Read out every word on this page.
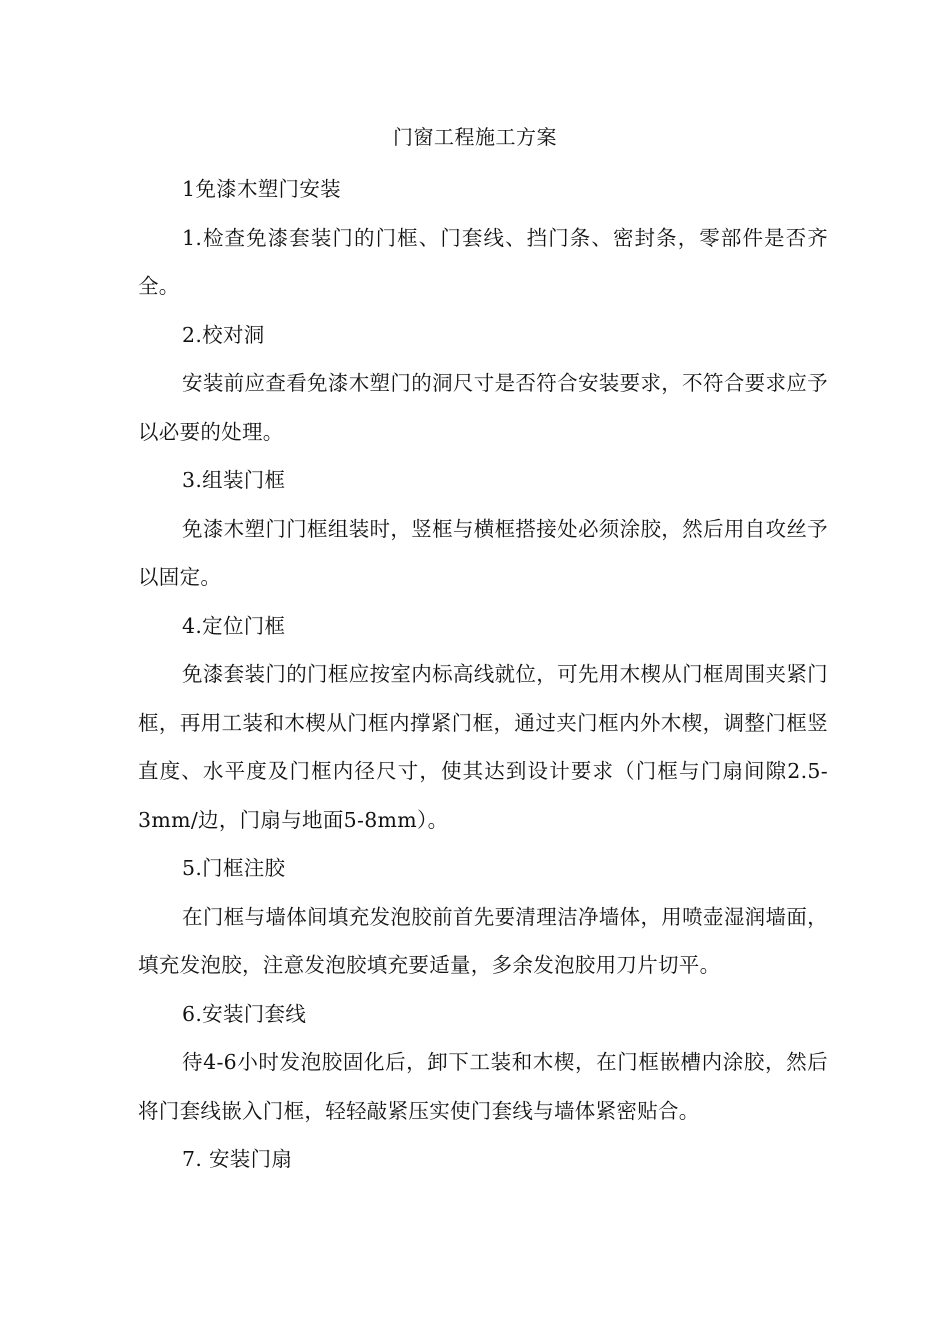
门窗工程施工方案

1免漆木塑门安装

1.检查免漆套装门的门框、门套线、挡门条、密封条，零部件是否齐全。

2.校对洞

安装前应查看免漆木塑门的洞尺寸是否符合安装要求，不符合要求应予以必要的处理。

3.组装门框

免漆木塑门门框组装时，竖框与横框搭接处必须涂胶，然后用自攻丝予以固定。

4.定位门框

免漆套装门的门框应按室内标高线就位，可先用木楔从门框周围夹紧门框，再用工装和木楔从门框内撑紧门框，通过夹门框内外木楔，调整门框竖直度、水平度及门框内径尺寸，使其达到设计要求（门框与门扇间隙2.5-3mm/边，门扇与地面5-8mm）。

5.门框注胶

在门框与墙体间填充发泡胶前首先要清理洁净墙体，用喷壶湿润墙面，填充发泡胶，注意发泡胶填充要适量，多余发泡胶用刀片切平。

6.安装门套线

待4-6小时发泡胶固化后，卸下工装和木楔，在门框嵌槽内涂胶，然后将门套线嵌入门框，轻轻敲紧压实使门套线与墙体紧密贴合。

7. 安装门扇
